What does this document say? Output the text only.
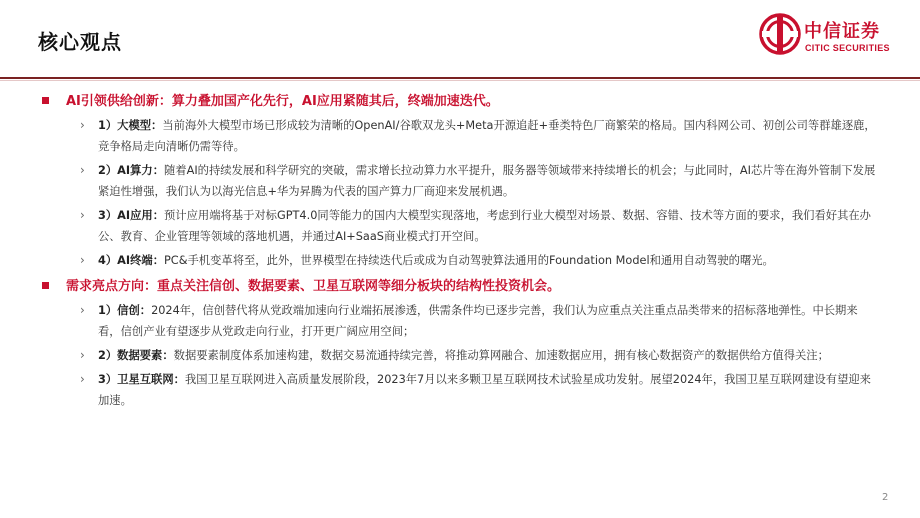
核心观点	中信证券
CITIC SECURITIES
AI引领供给创新：算力叠加国产化先行，AI应用紧随其后，终端加速迭代。
› 1）大模型：当前海外大模型市场已形成较为清晰的OpenAI/谷歌双龙头+Meta开源追赶+垂类特色厂商繁荣的格局。国内科网公司、初创公司等群雄逐鹿，竞争格局走向清晰仍需等待。
› 2）AI算力：随着AI的持续发展和科学研究的突破，需求增长拉动算力水平提升，服务器等领域带来持续增长的机会；与此同时，AI芯片等在海外管制下发展紧迫性增强，我们认为以海光信息+华为昇腾为代表的国产算力厂商迎来发展机遇。
› 3）AI应用：预计应用端将基于对标GPT4.0同等能力的国内大模型实现落地，考虑到行业大模型对场景、数据、容错、技术等方面的要求，我们看好其在办公、教育、企业管理等领域的落地机遇，并通过AI+SaaS商业模式打开空间。
› 4）AI终端：PC&手机变革将至，此外，世界模型在持续迭代后或成为自动驾驶算法通用的Foundation Model和通用自动驾驶的曙光。
需求亮点方向：重点关注信创、数据要素、卫星互联网等细分板块的结构性投资机会。
› 1）信创：2024年，信创替代将从党政端加速向行业端拓展渗透，供需条件均已逐步完善，我们认为应重点关注重点品类带来的招标落地弹性。中长期来看，信创产业有望逐步从党政走向行业，打开更广阔应用空间；
› 2）数据要素：数据要素制度体系加速构建，数据交易流通持续完善，将推动算网融合、加速数据应用，拥有核心数据资产的数据供给方值得关注；
› 3）卫星互联网：我国卫星互联网进入高质量发展阶段，2023年7月以来多颗卫星互联网技术试验星成功发射。展望2024年，我国卫星互联网建设有望迎来加速。
2
